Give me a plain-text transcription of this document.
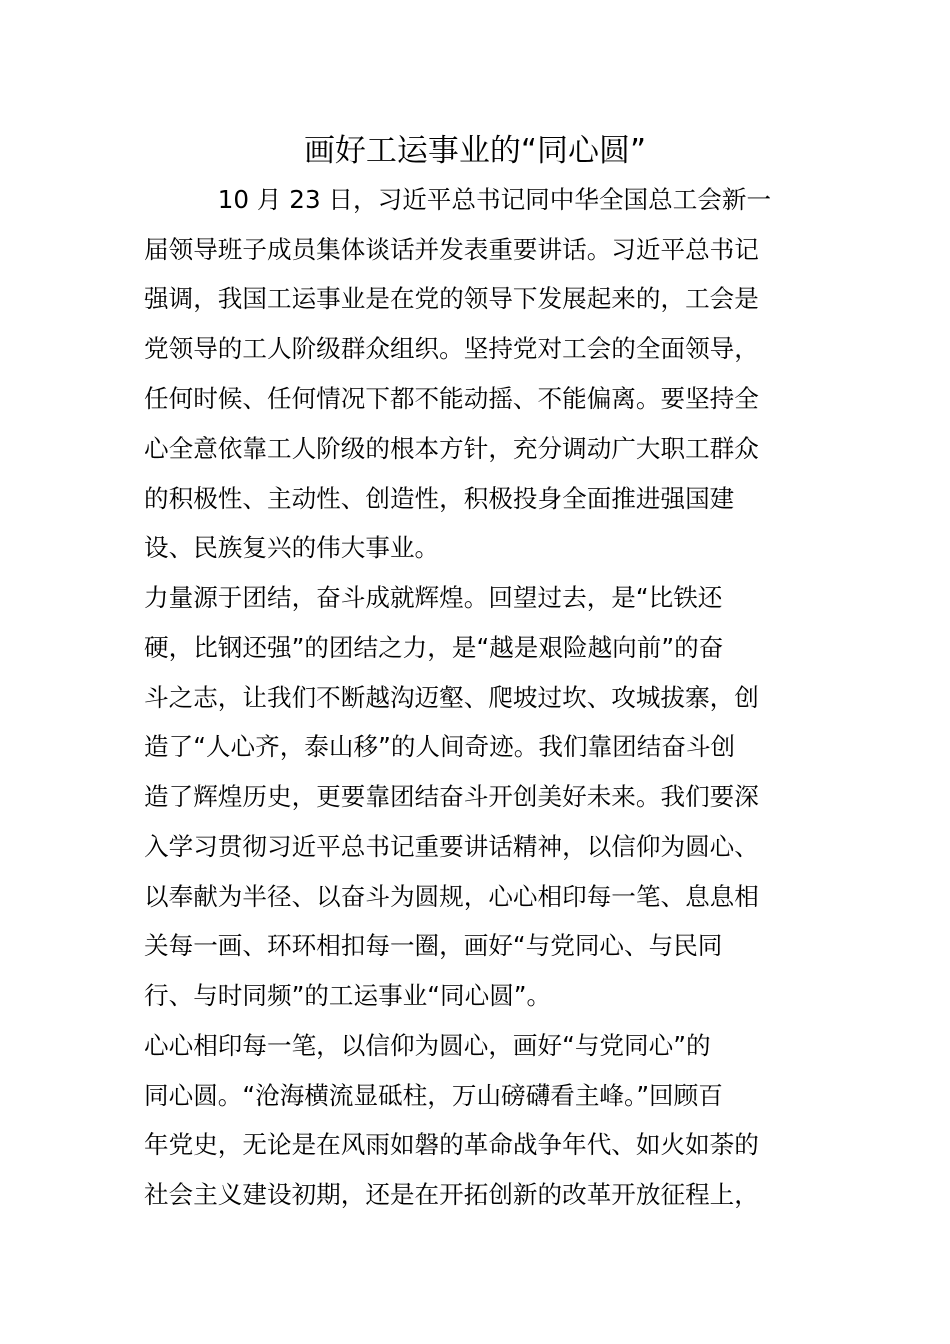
画好工运事业的“同心圆”

　　　10 月 23 日，习近平总书记同中华全国总工会新一

届领导班子成员集体谈话并发表重要讲话。习近平总书记

强调，我国工运事业是在党的领导下发展起来的，工会是

党领导的工人阶级群众组织。坚持党对工会的全面领导，

任何时候、任何情况下都不能动摇、不能偏离。要坚持全

心全意依靠工人阶级的根本方针，充分调动广大职工群众

的积极性、主动性、创造性，积极投身全面推进强国建

设、民族复兴的伟大事业。

力量源于团结，奋斗成就辉煌。回望过去，是“比铁还

硬，比钢还强”的团结之力，是“越是艰险越向前”的奋

斗之志，让我们不断越沟迈壑、爬坡过坎、攻城拔寨，创

造了“人心齐，泰山移”的人间奇迹。我们靠团结奋斗创

造了辉煌历史，更要靠团结奋斗开创美好未来。我们要深

入学习贯彻习近平总书记重要讲话精神，以信仰为圆心、

以奉献为半径、以奋斗为圆规，心心相印每一笔、息息相

关每一画、环环相扣每一圈，画好“与党同心、与民同

行、与时同频”的工运事业“同心圆”。

心心相印每一笔，以信仰为圆心，画好“与党同心”的

同心圆。“沧海横流显砥柱，万山磅礴看主峰。”回顾百

年党史，无论是在风雨如磐的革命战争年代、如火如荼的

社会主义建设初期，还是在开拓创新的改革开放征程上，
